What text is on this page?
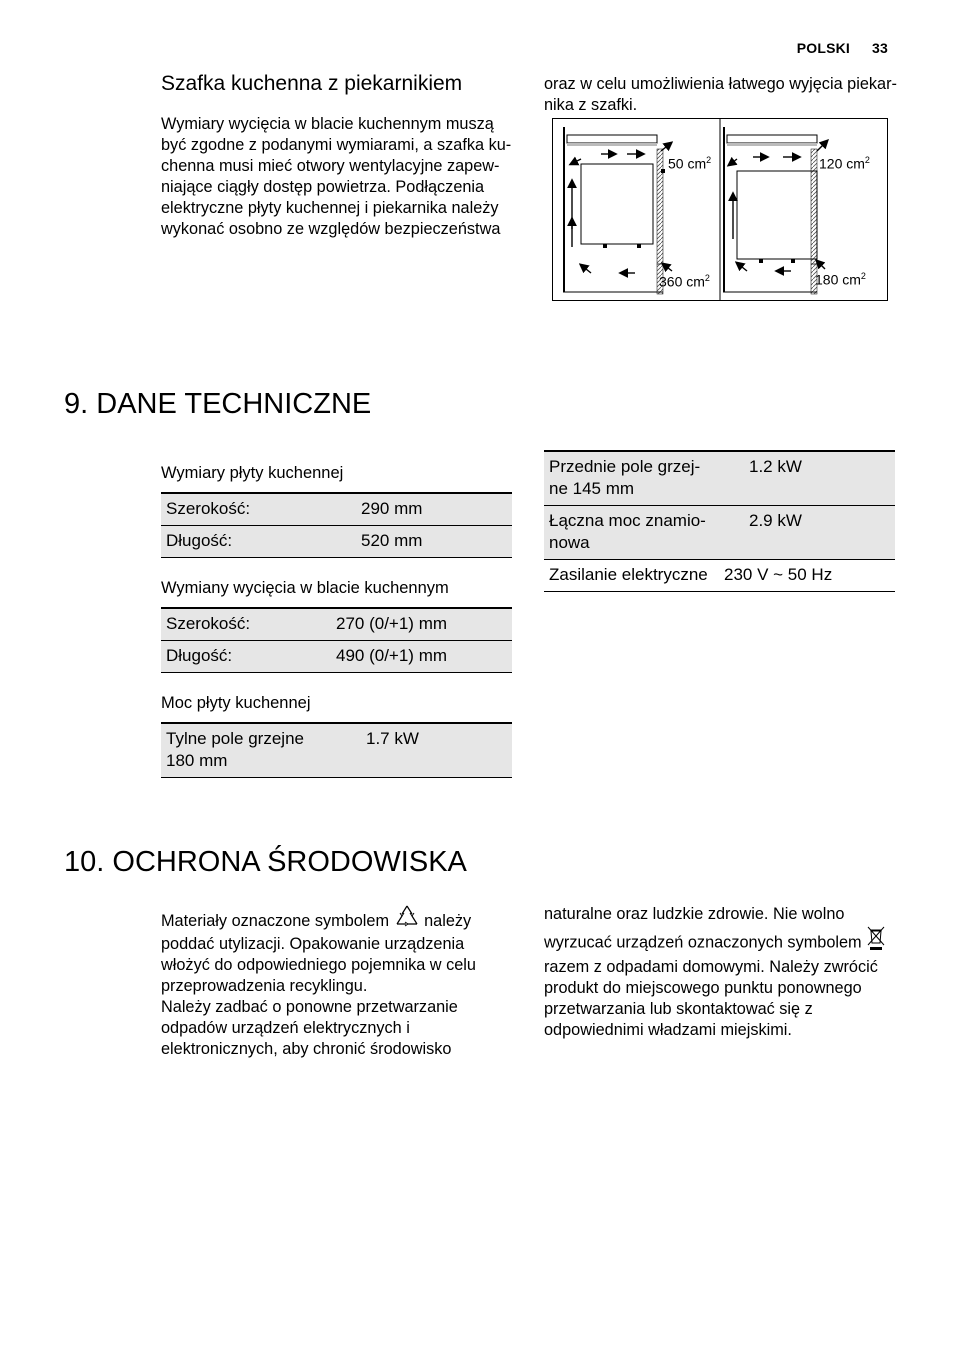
POLSKI 33
Szafka kuchenna z piekarnikiem
Wymiary wycięcia w blacie kuchennym muszą
być zgodne z podanymi wymiarami, a szafka ku-
chenna musi mieć otwory wentylacyjne zapew-
niające ciągły dostęp powietrza. Podłączenia
elektryczne płyty kuchennej i piekarnika należy
wykonać osobno ze względów bezpieczeństwa
oraz w celu umożliwienia łatwego wyjęcia piekar-
nika z szafki.
50 $cm^2$
360 $cm^2$
120 $cm^2$
180 $cm^2$
9. DANE TECHNICZNE
Wymiary płyty kuchennej
Szerokość:	290 mm
Długość:	520 mm
Wymiany wycięcia w blacie kuchennym
Szerokość:	270 (0/+1) mm
Długość:	490 (0/+1) mm
Moc płyty kuchennej
Tylne pole grzejne
180 mm	1.7 kW
Przednie pole grzej-
ne 145 mm	1.2 kW
Łączna moc znamio-
nowa	2.9 kW
Zasilanie elektryczne	230 V ~ 50 Hz
10. OCHRONA ŚRODOWISKA
Materiały oznaczone symbolem należy
poddać utylizacji. Opakowanie urządzenia
włożyć do odpowiedniego pojemnika w celu
przeprowadzenia recyklingu.
Należy zadbać o ponowne przetwarzanie
odpadów urządzeń elektrycznych i
elektronicznych, aby chronić środowisko
naturalne oraz ludzkie zdrowie. Nie wolno
wyrzucać urządzeń oznaczonych symbolem
razem z odpadami domowymi. Należy zwrócić
produkt do miejscowego punktu ponownego
przetwarzania lub skontaktować się z
odpowiednimi władzami miejskimi.
